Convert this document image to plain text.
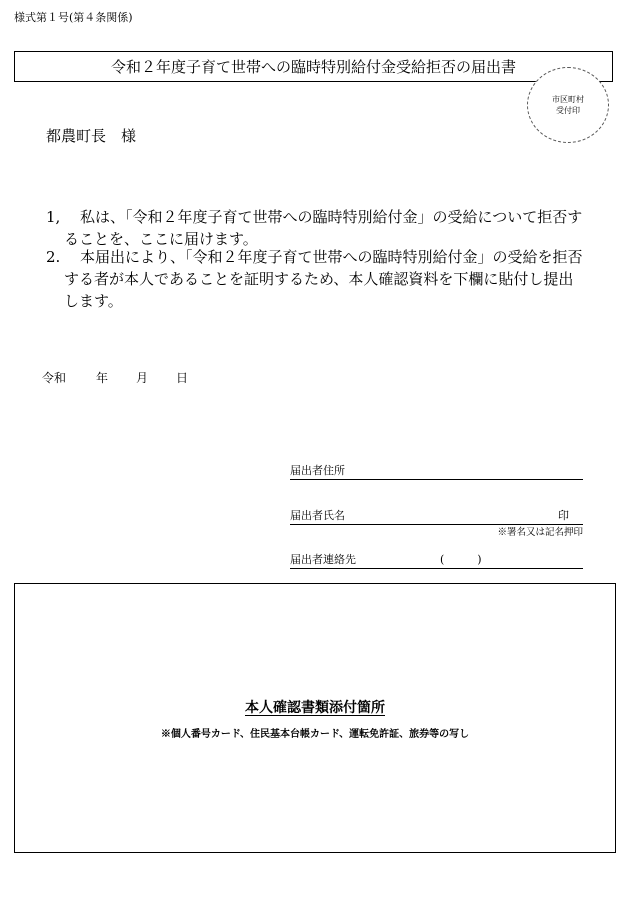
様式第１号(第４条関係)
令和２年度子育て世帯への臨時特別給付金受給拒否の届出書
市区町村
受付印
都農町長　様
1,	私は、「令和２年度子育て世帯への臨時特別給付金」の受給について拒否することを、ここに届けます。
2.	本届出により、「令和２年度子育て世帯への臨時特別給付金」の受給を拒否する者が本人であることを証明するため、本人確認資料を下欄に貼付し提出します。
令和 年 月 日
届出者住所
届出者氏名	印
※署名又は記名押印
届出者連絡先	(　　　)
本人確認書類添付箇所
※個人番号カード、住民基本台帳カード、運転免許証、旅券等の写し
